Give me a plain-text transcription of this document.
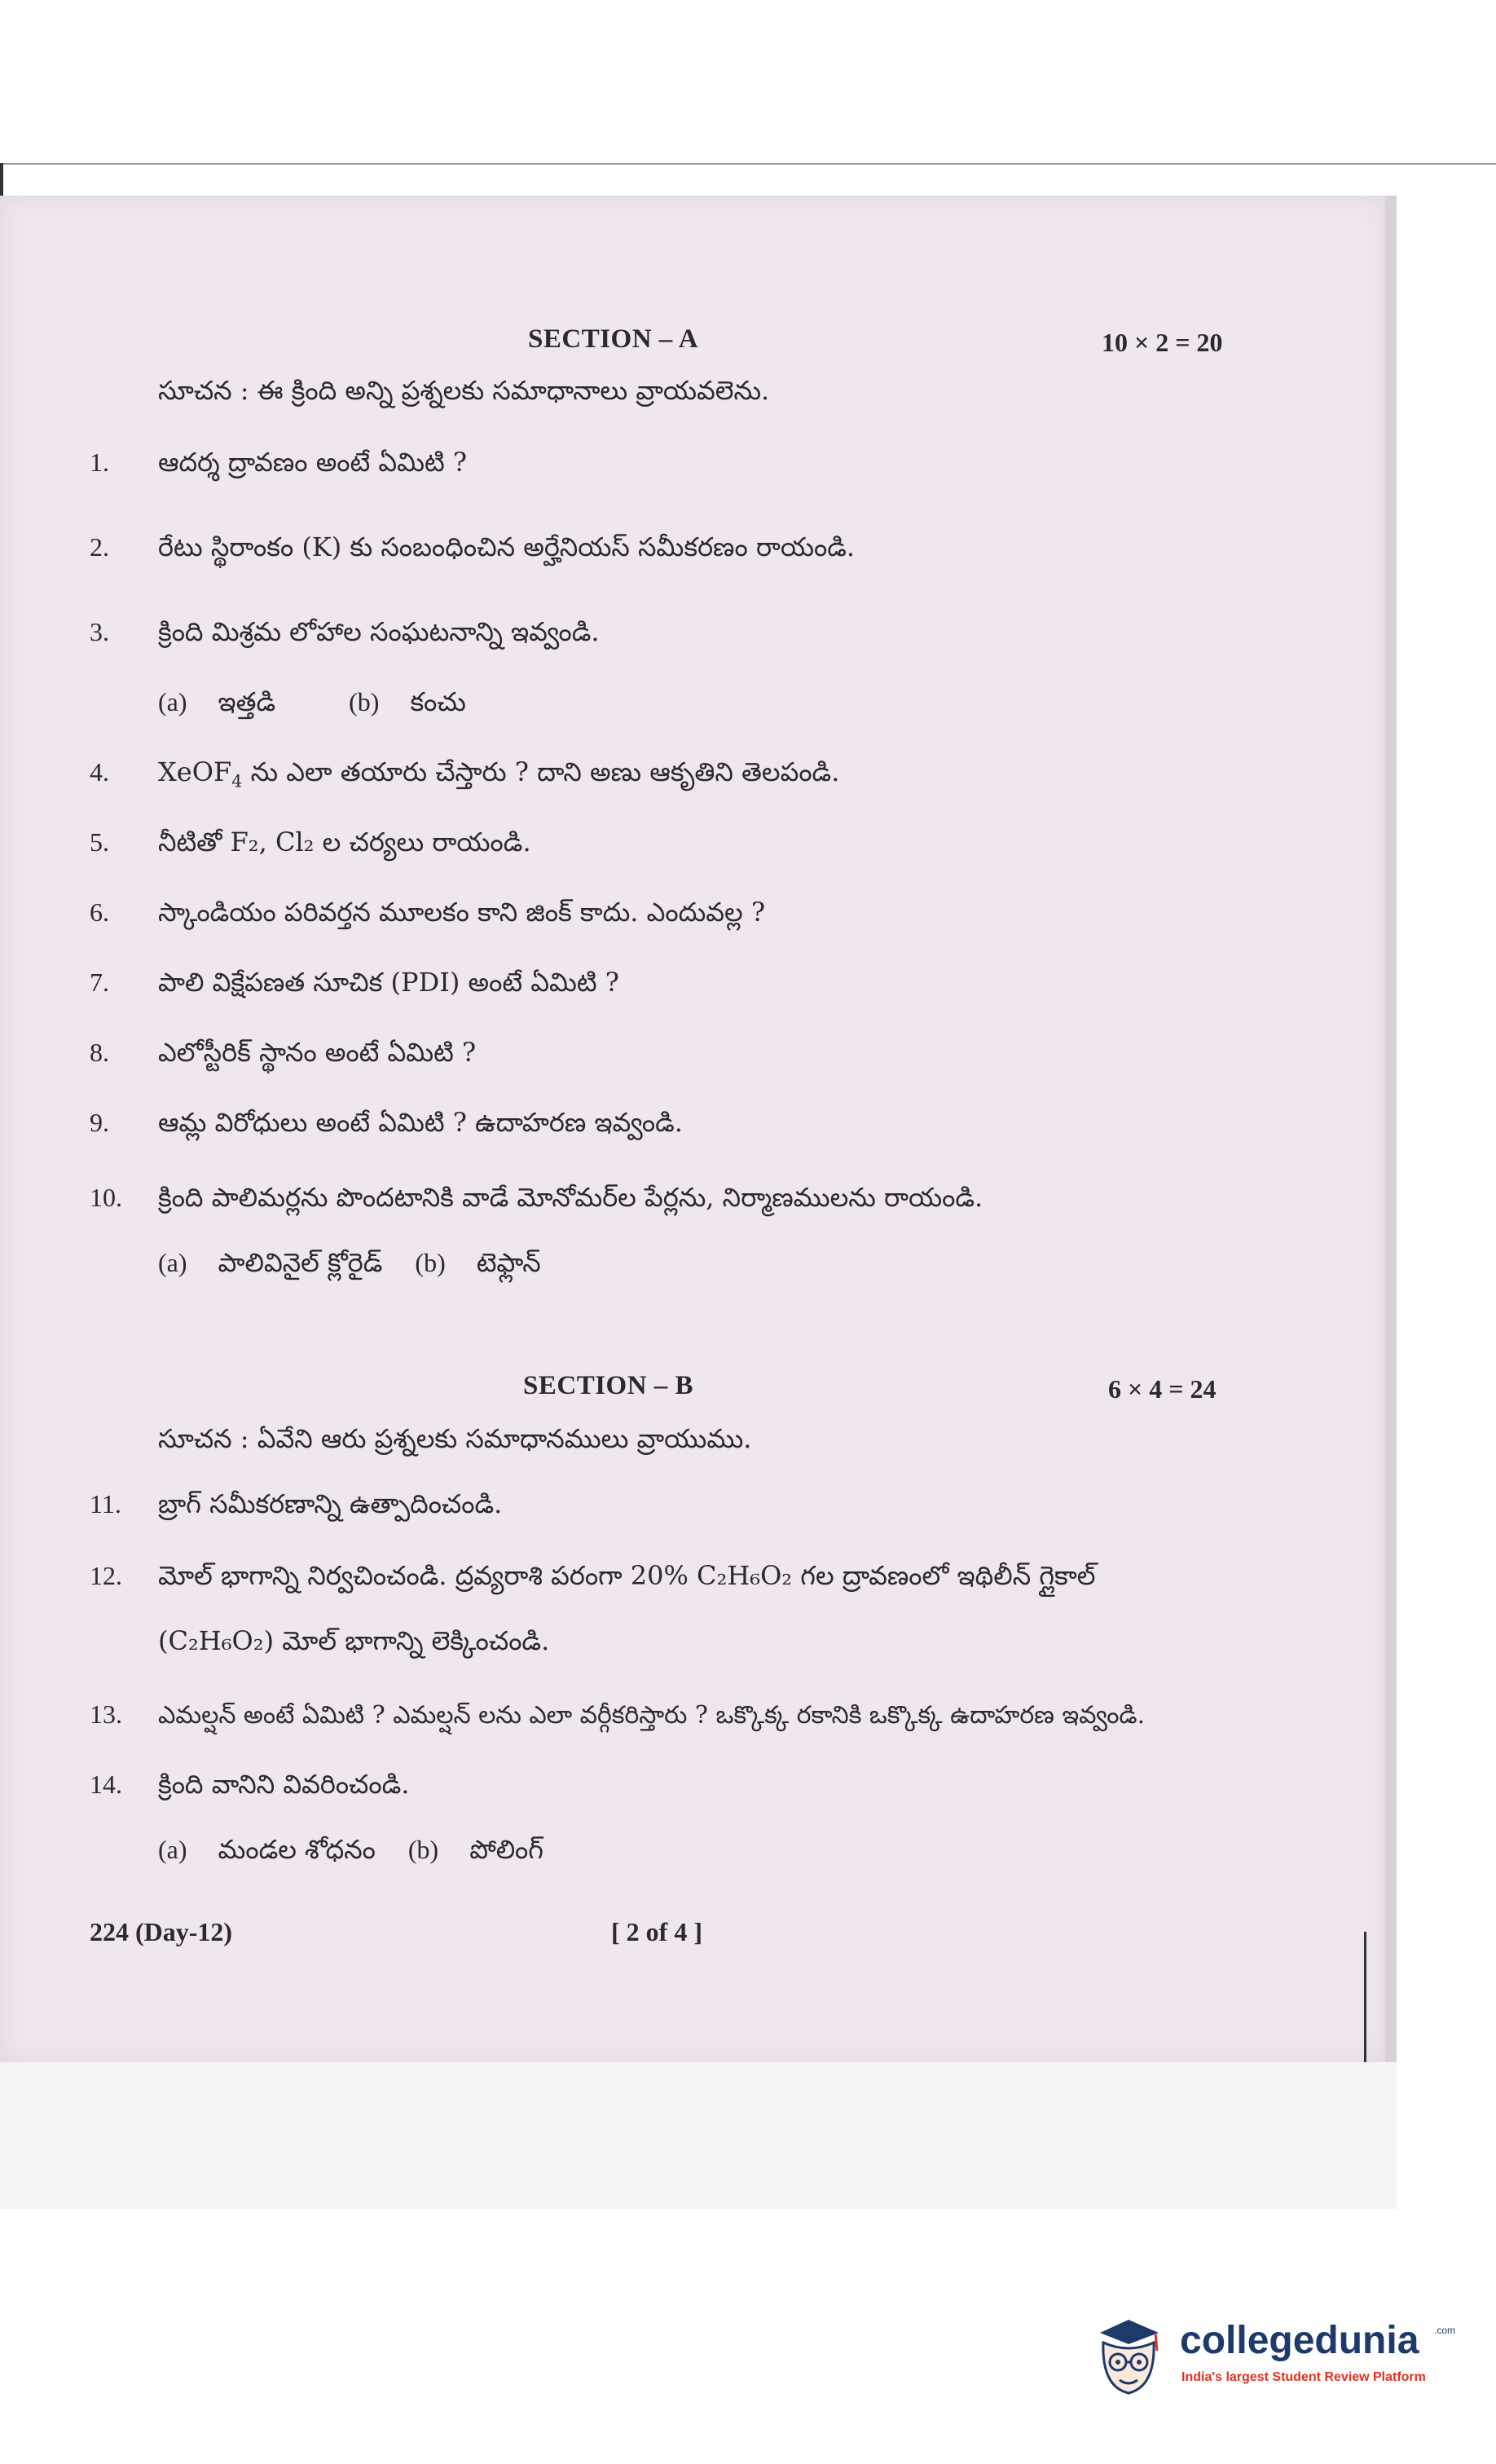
SECTION – A	10 × 2 = 20
సూచన : ఈ క్రింది అన్ని ప్రశ్నలకు సమాధానాలు వ్రాయవలెను.
1. ఆదర్శ ద్రావణం అంటే ఏమిటి ?
2. రేటు స్థిరాంకం (K) కు సంబంధించిన అర్హేనియస్ సమీకరణం రాయండి.
3. క్రింది మిశ్రమ లోహాల సంఘటనాన్ని ఇవ్వండి.
(a) ఇత్తడి	(b) కంచు
4. XeOF$_4$ ను ఎలా తయారు చేస్తారు ? దాని అణు ఆకృతిని తెలపండి.
5. నీటితో F₂, Cl₂ ల చర్యలు రాయండి.
6. స్కాండియం పరివర్తన మూలకం కాని జింక్ కాదు. ఎందువల్ల ?
7. పాలి విక్షేపణత సూచిక (PDI) అంటే ఏమిటి ?
8. ఎలోస్టీరిక్ స్థానం అంటే ఏమిటి ?
9. ఆమ్ల విరోధులు అంటే ఏమిటి ? ఉదాహరణ ఇవ్వండి.
10. క్రింది పాలిమర్లను పొందటానికి వాడే మోనోమర్‌ల పేర్లను, నిర్మాణములను రాయండి.
(a) పాలివినైల్ క్లోరైడ్ (b) టెఫ్లాన్
SECTION – B	6 × 4 = 24
సూచన : ఏవేని ఆరు ప్రశ్నలకు సమాధానములు వ్రాయుము.
11. బ్రాగ్ సమీకరణాన్ని ఉత్పాదించండి.
12. మోల్ భాగాన్ని నిర్వచించండి. ద్రవ్యరాశి పరంగా 20% C₂H₆O₂ గల ద్రావణంలో ఇథిలీన్ గ్లైకాల్
(C₂H₆O₂) మోల్ భాగాన్ని లెక్కించండి.
13. ఎమల్షన్ అంటే ఏమిటి ? ఎమల్షన్ లను ఎలా వర్గీకరిస్తారు ? ఒక్కొక్క రకానికి ఒక్కొక్క ఉదాహరణ ఇవ్వండి.
14. క్రింది వానిని వివరించండి.
(a) మండల శోధనం (b) పోలింగ్
224 (Day-12)	[ 2 of 4 ]
collegedunia .com
India's largest Student Review Platform
